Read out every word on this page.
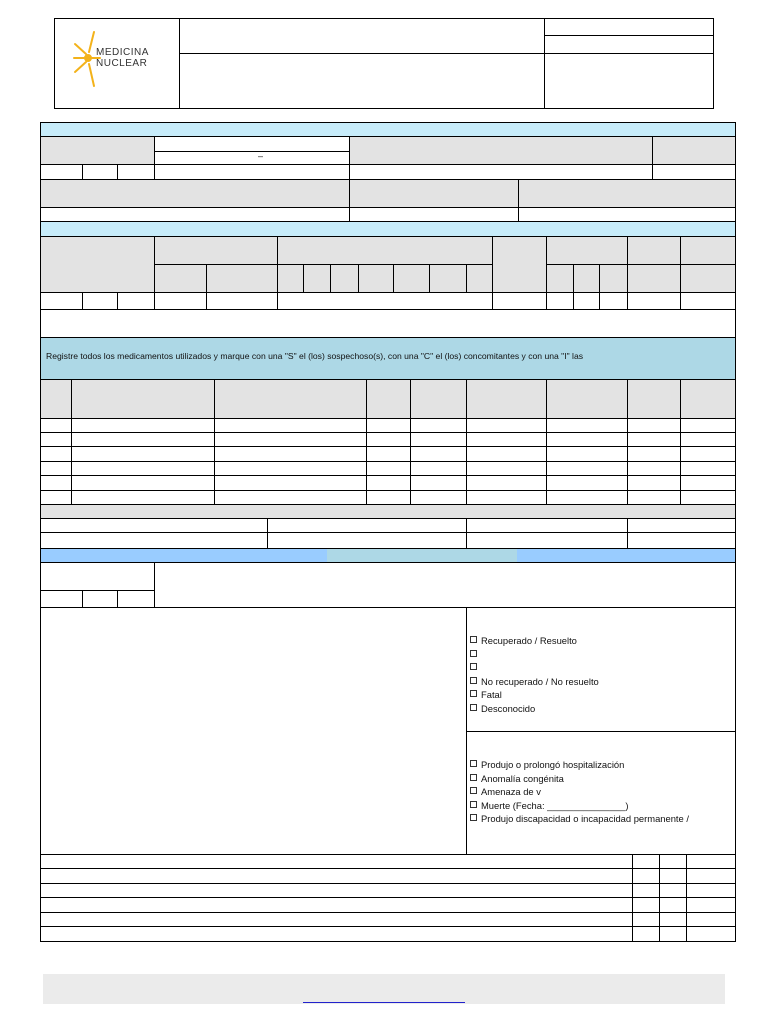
MEDICINA
NUCLEAR
–
Registre todos los medicamentos utilizados y marque con una "S" el (los) sospechoso(s), con una "C" el (los) concomitantes y con una "I" las
Recuperado / Resuelto
No recuperado / No resuelto
Fatal
Desconocido
Produjo o prolongó hospitalización
Anomalía congénita
Amenaza de v
Muerte (Fecha: _______________)
Produjo discapacidad o incapacidad permanente /
